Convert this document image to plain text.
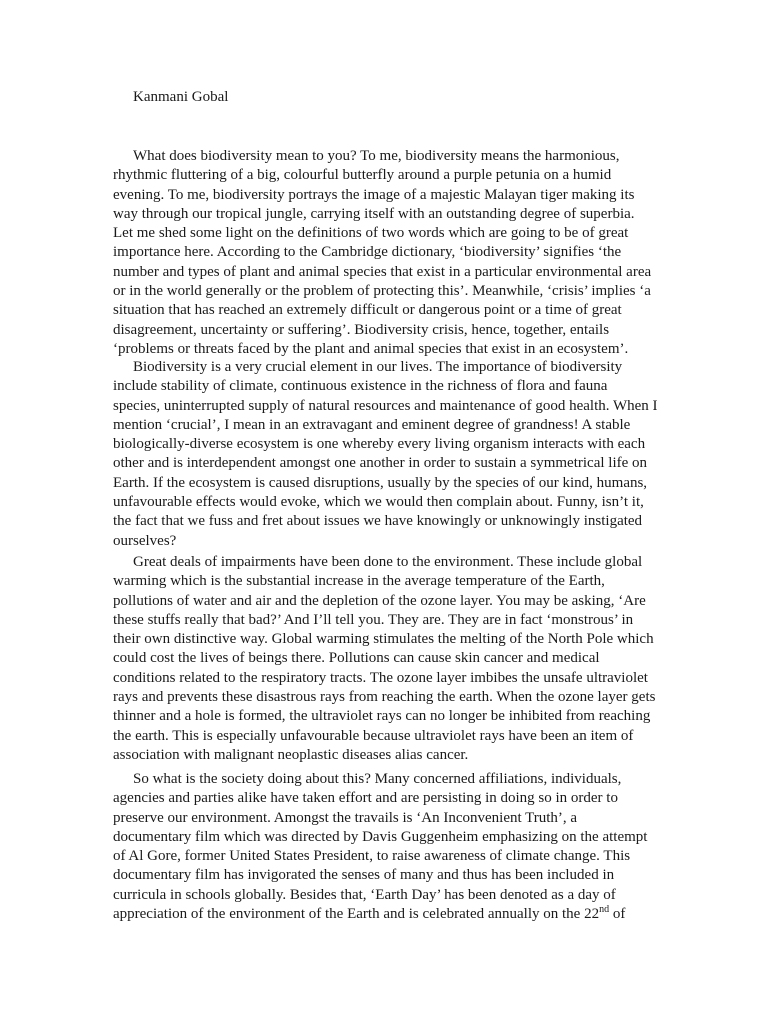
Kanmani Gobal

What does biodiversity mean to you? To me, biodiversity means the harmonious, rhythmic fluttering of a big, colourful butterfly around a purple petunia on a humid evening. To me, biodiversity portrays the image of a majestic Malayan tiger making its way through our tropical jungle, carrying itself with an outstanding degree of superbia. Let me shed some light on the definitions of two words which are going to be of great importance here. According to the Cambridge dictionary, ‘biodiversity’ signifies ‘the number and types of plant and animal species that exist in a particular environmental area or in the world generally or the problem of protecting this’. Meanwhile, ‘crisis’ implies ‘a situation that has reached an extremely difficult or dangerous point or a time of great disagreement, uncertainty or suffering’. Biodiversity crisis, hence, together, entails ‘problems or threats faced by the plant and animal species that exist in an ecosystem’.

Biodiversity is a very crucial element in our lives. The importance of biodiversity include stability of climate, continuous existence in the richness of flora and fauna species, uninterrupted supply of natural resources and maintenance of good health. When I mention ‘crucial’, I mean in an extravagant and eminent degree of grandness! A stable biologically-diverse ecosystem is one whereby every living organism interacts with each other and is interdependent amongst one another in order to sustain a symmetrical life on Earth. If the ecosystem is caused disruptions, usually by the species of our kind, humans, unfavourable effects would evoke, which we would then complain about. Funny, isn’t it, the fact that we fuss and fret about issues we have knowingly or unknowingly instigated ourselves?

Great deals of impairments have been done to the environment. These include global warming which is the substantial increase in the average temperature of the Earth, pollutions of water and air and the depletion of the ozone layer. You may be asking, ‘Are these stuffs really that bad?’ And I’ll tell you. They are. They are in fact ‘monstrous’ in their own distinctive way. Global warming stimulates the melting of the North Pole which could cost the lives of beings there. Pollutions can cause skin cancer and medical conditions related to the respiratory tracts. The ozone layer imbibes the unsafe ultraviolet rays and prevents these disastrous rays from reaching the earth. When the ozone layer gets thinner and a hole is formed, the ultraviolet rays can no longer be inhibited from reaching the earth. This is especially unfavourable because ultraviolet rays have been an item of association with malignant neoplastic diseases alias cancer.

So what is the society doing about this? Many concerned affiliations, individuals, agencies and parties alike have taken effort and are persisting in doing so in order to preserve our environment. Amongst the travails is ‘An Inconvenient Truth’, a documentary film which was directed by Davis Guggenheim emphasizing on the attempt of Al Gore, former United States President, to raise awareness of climate change. This documentary film has invigorated the senses of many and thus has been included in curricula in schools globally. Besides that, ‘Earth Day’ has been denoted as a day of appreciation of the environment of the Earth and is celebrated annually on the 22nd of
